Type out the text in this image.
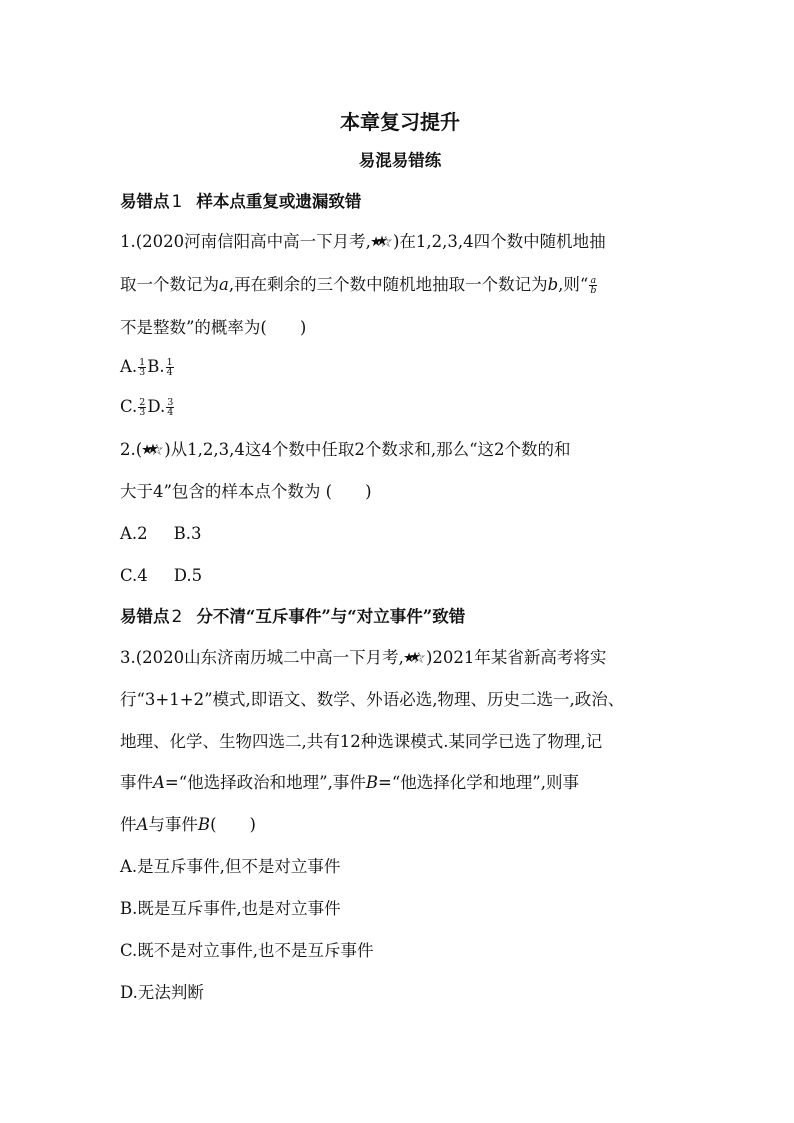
本章复习提升
易混易错练
易错点 1 样本点重复或遗漏致错
1.(2020河南信阳高中高一下月考, )在1,2,3,4四个数中随机地抽
取一个数记为a,再在剩余的三个数中随机地抽取一个数记为b,则“ $\frac{a}{b}$
不是整数”的概率为(　　)
A. $\frac{1}{3} B$. $\frac{1}{4}$
C. $\frac{2}{3} D$. $\frac{3}{4}$
2.( )从1,2,3,4这4个数中任取2个数求和,那么“这2个数的和
大于4”包含的样本点个数为 (　　)
A.2 B.3
C.4 D.5
易错点 2 分不清“互斥事件”与“对立事件”致错
3.(2020山东济南历城二中高一下月考, )2021年某省新高考将实
行“3+1+2”模式,即语文、数学、外语必选,物理、历史二选一,政治、
地理、化学、生物四选二,共有12种选课模式.某同学已选了物理,记
事件A=“他选择政治和地理”,事件B=“他选择化学和地理”,则事
件A与事件B(　　)
A.是互斥事件,但不是对立事件
B.既是互斥事件,也是对立事件
C.既不是对立事件,也不是互斥事件
D.无法判断
